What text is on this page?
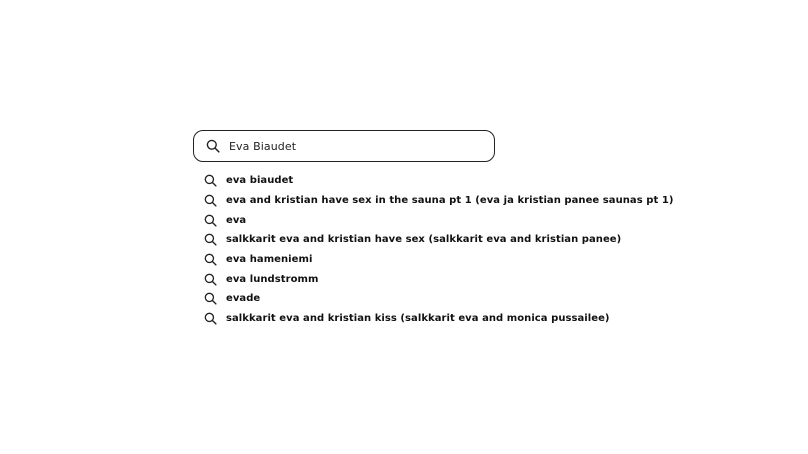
Eva Biaudet
eva biaudet
eva and kristian have sex in the sauna pt 1 (eva ja kristian panee saunas pt 1)
eva
salkkarit eva and kristian have sex (salkkarit eva and kristian panee)
eva hameniemi
eva lundstromm
evade
salkkarit eva and kristian kiss (salkkarit eva and monica pussailee)
